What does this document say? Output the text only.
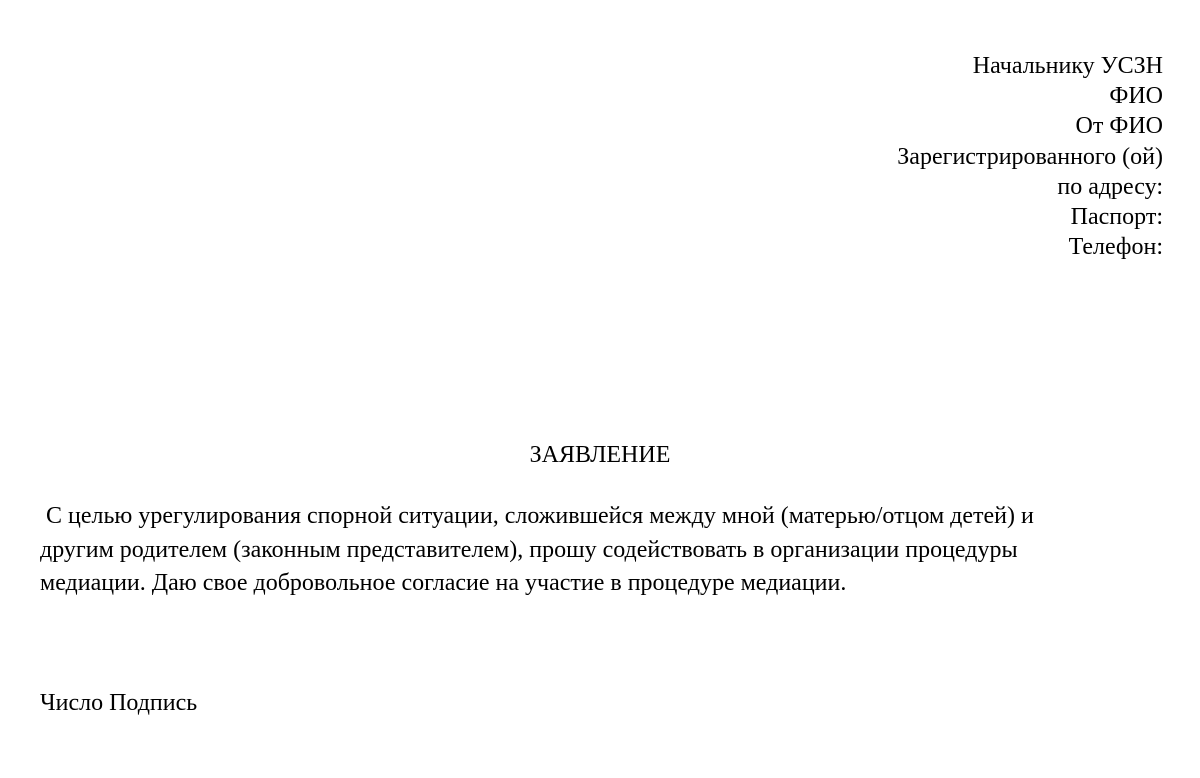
Начальнику УСЗН
ФИО
От ФИО
Зарегистрированного (ой)
по адресу:
Паспорт:
Телефон:
ЗАЯВЛЕНИЕ
С целью урегулирования спорной ситуации, сложившейся между мной (матерью/отцом детей) и
другим родителем (законным представителем), прошу содействовать в организации процедуры
медиации. Даю свое добровольное согласие на участие в процедуре медиации.
Число Подпись
